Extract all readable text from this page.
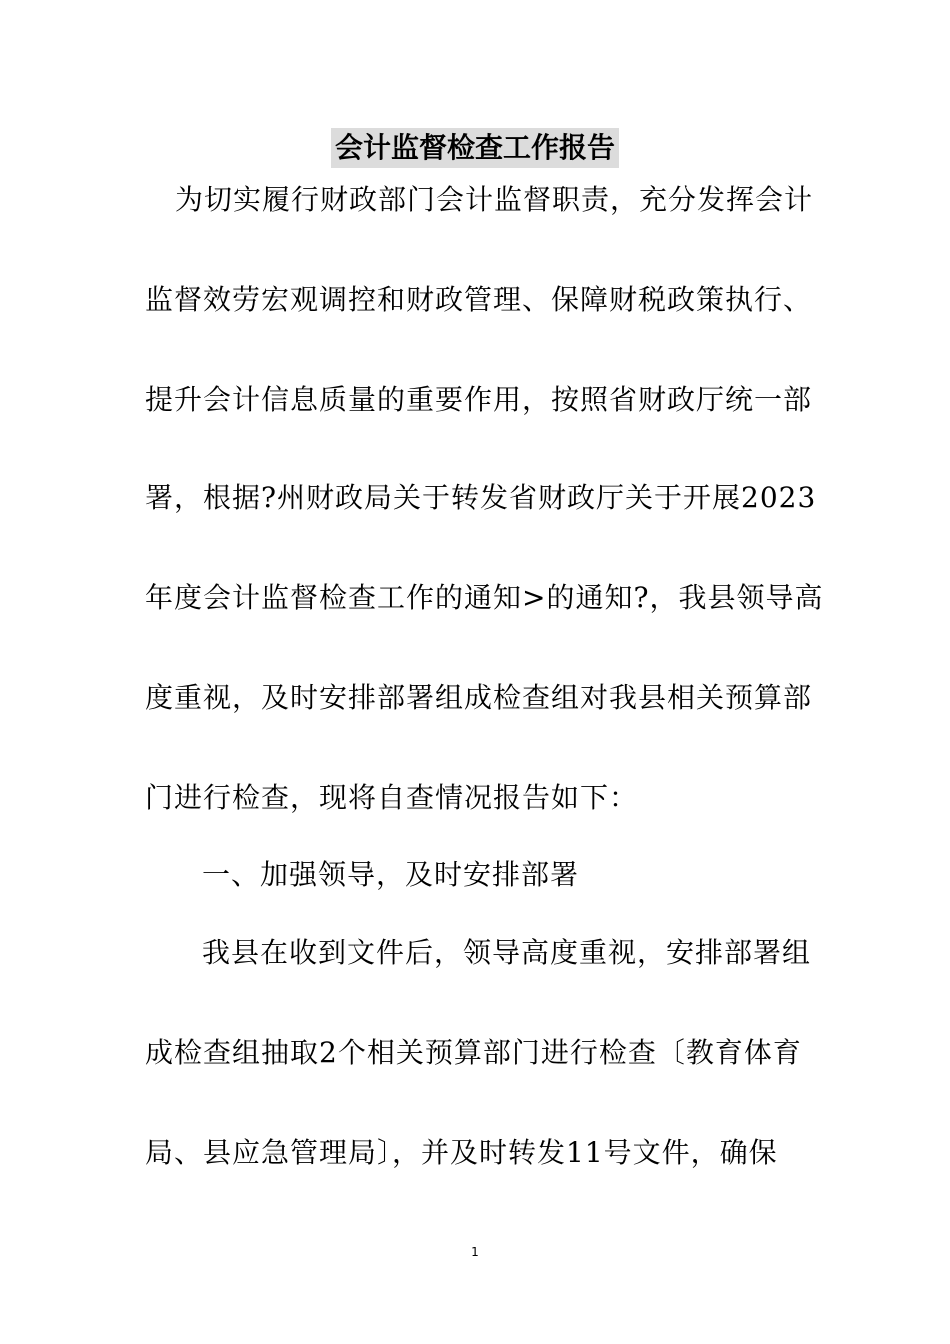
会计监督检查工作报告
为切实履行财政部门会计监督职责，充分发挥会计
监督效劳宏观调控和财政管理、保障财税政策执行、
提升会计信息质量的重要作用，按照省财政厅统一部
署，根据?州财政局关于转发省财政厅关于开展2023
年度会计监督检查工作的通知>的通知?，我县领导高
度重视，及时安排部署组成检查组对我县相关预算部
门进行检查，现将自查情况报告如下：
一、加强领导，及时安排部署
我县在收到文件后，领导高度重视，安排部署组
成检查组抽取2个相关预算部门进行检查〔教育体育
局、县应急管理局〕，并及时转发11号文件，确保
1
